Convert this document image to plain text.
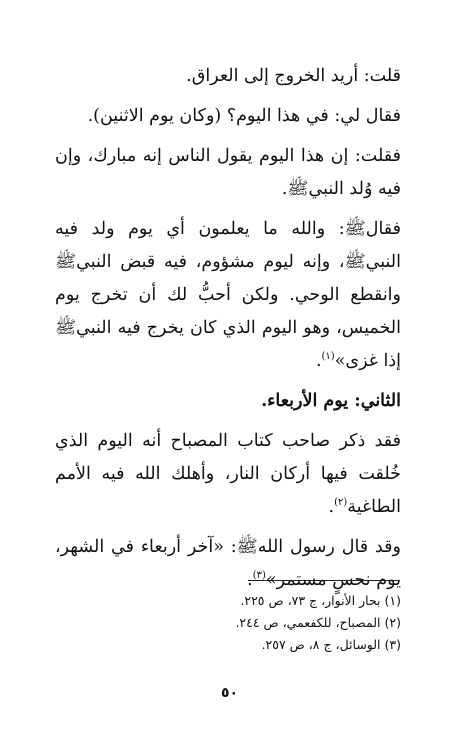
قلت: أريد الخروج إلى العراق.

فقال لي: في هذا اليوم؟ (وكان يوم الاثنين).

فقلت: إن هذا اليوم يقول الناس إنه مبارك، وإن فيه وُلد النبيﷺ.

فقالﷺ: والله ما يعلمون أي يوم ولد فيه النبيﷺ، وإنه ليوم مشؤوم، فيه قبض النبيﷺ وانقطع الوحي. ولكن أحبُّ لك أن تخرج يوم الخميس، وهو اليوم الذي كان يخرج فيه النبيﷺ إذا غزى»$^{(١)}$.

الثاني: يوم الأربعاء.

فقد ذكر صاحب كتاب المصباح أنه اليوم الذي خُلقت فيها أركان النار، وأهلك الله فيه الأمم الطاغية$^{(٢)}$.

وقد قال رسول اللهﷺ: «آخر أربعاء في الشهر، يوم نحسٍ مستمر»$^{(٣)}$.

(١) بحار الأنوار، ج ٧٣، ص ٢٢٥.
(٢) المصباح، للكفعمي، ص ٢٤٤.
(٣) الوسائل، ج ٨، ص ٢٥٧.
٥٠
